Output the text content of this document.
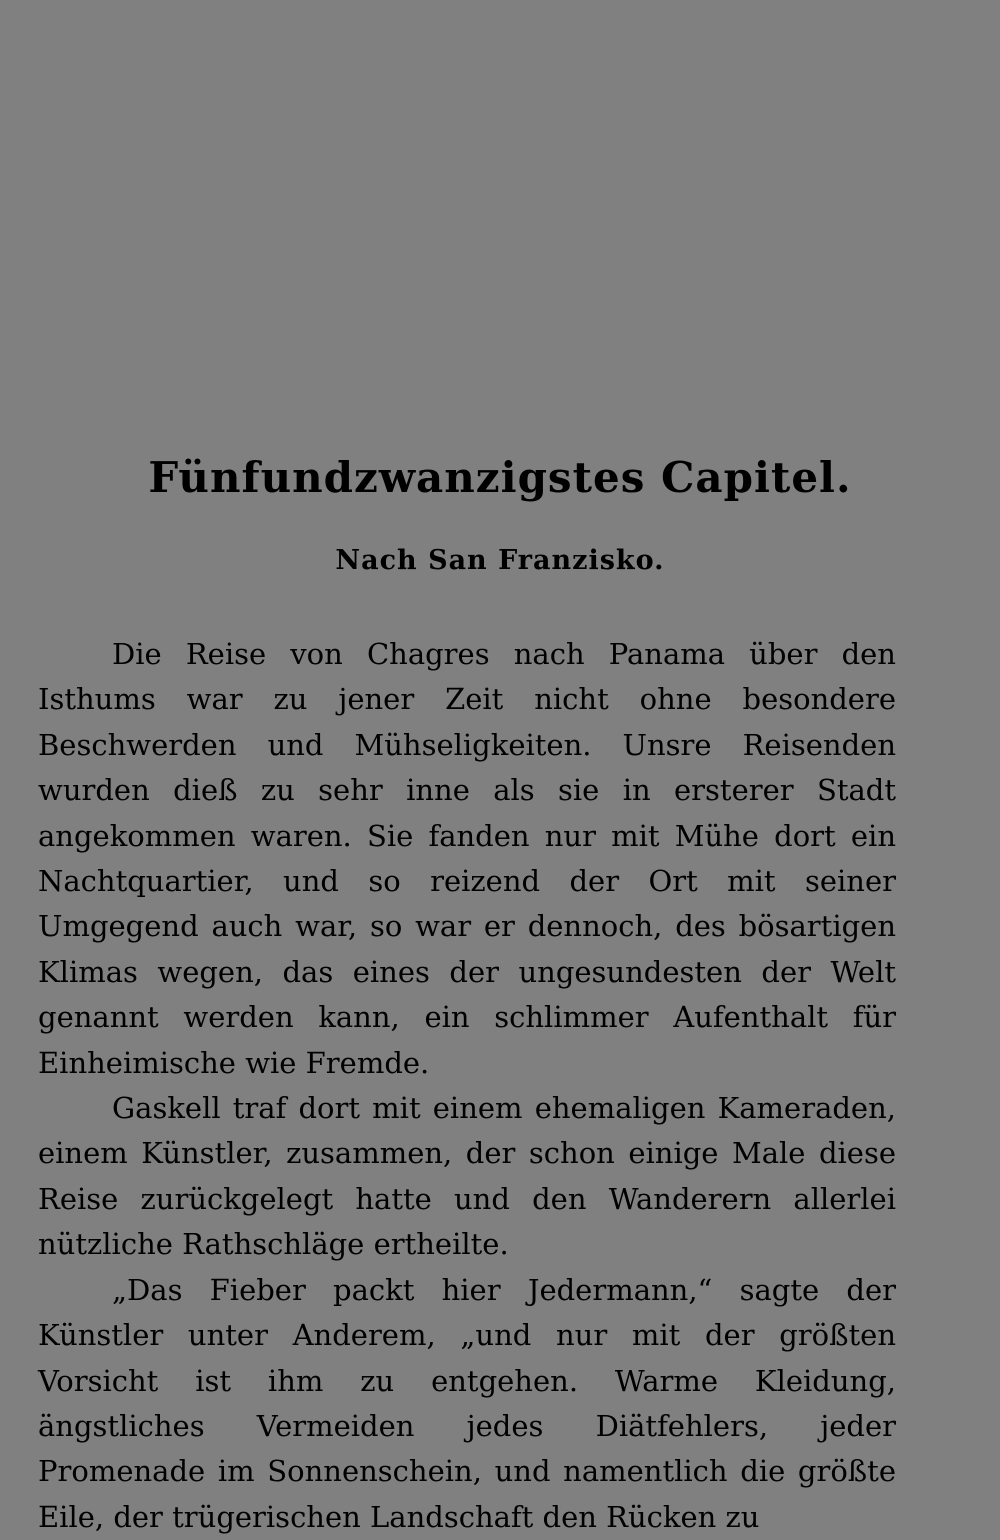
Fünfundzwanzigstes Capitel.
Nach San Franzisko.

Die Reise von Chagres nach Panama über den Isthums war zu jener Zeit nicht ohne besondere Beschwerden und Mühseligkeiten. Unsre Reisenden wurden dieß zu sehr inne als sie in ersterer Stadt angekommen waren. Sie fanden nur mit Mühe dort ein Nachtquartier, und so reizend der Ort mit seiner Umgegend auch war, so war er dennoch, des bösartigen Klimas wegen, das eines der ungesundesten der Welt genannt werden kann, ein schlimmer Aufenthalt für Einheimische wie Fremde.

Gaskell traf dort mit einem ehemaligen Kameraden, einem Künstler, zusammen, der schon einige Male diese Reise zurückgelegt hatte und den Wanderern allerlei nützliche Rathschläge ertheilte.

„Das Fieber packt hier Jedermann,“ sagte der Künstler unter Anderem, „und nur mit der größten Vorsicht ist ihm zu entgehen. Warme Kleidung, ängstliches Vermeiden jedes Diätfehlers, jeder Promenade im Sonnenschein, und namentlich die größte Eile, der trügerischen Landschaft den Rücken zu
